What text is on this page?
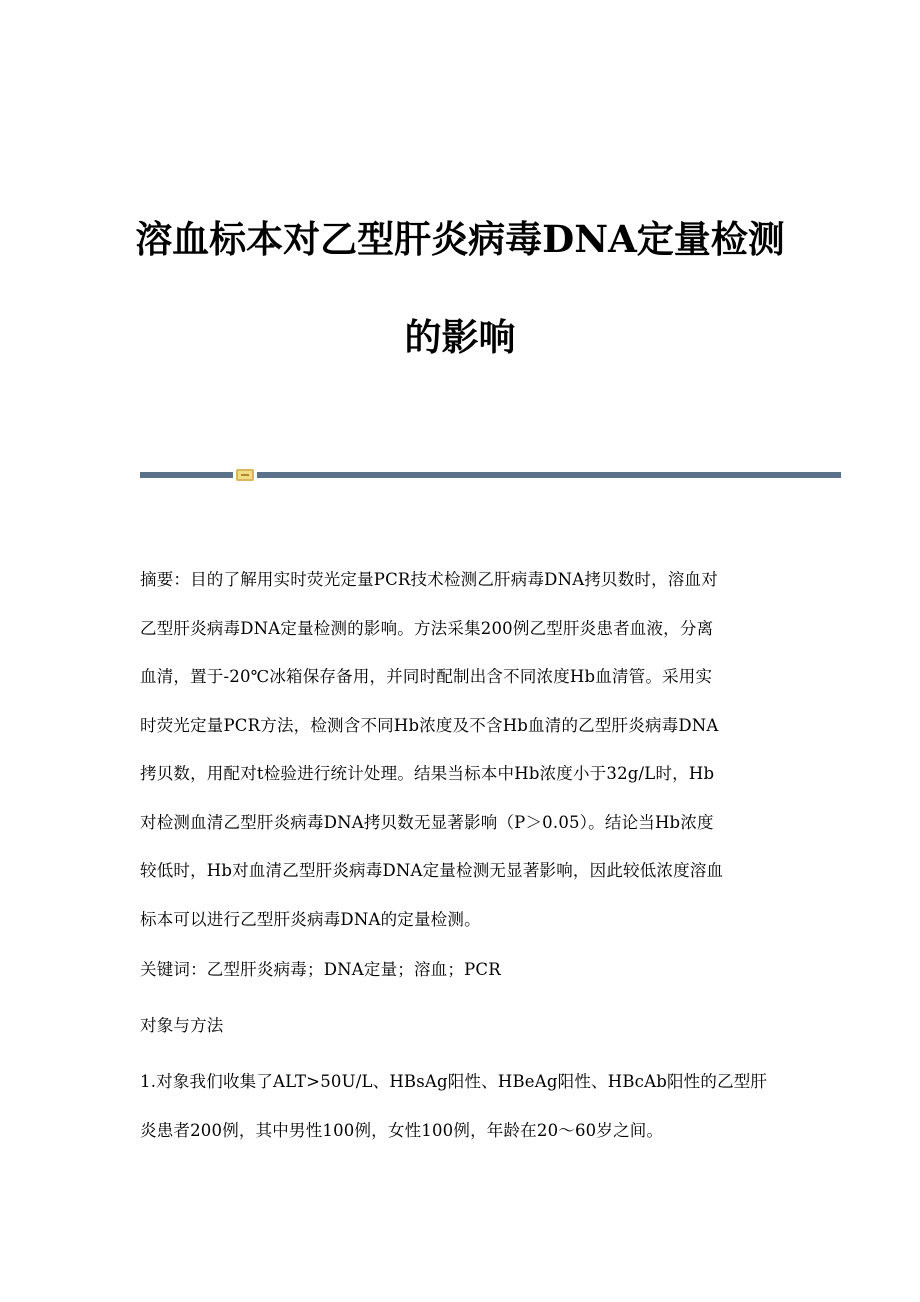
溶血标本对乙型肝炎病毒DNA定量检测
的影响
摘要：目的了解用实时荧光定量PCR技术检测乙肝病毒DNA拷贝数时，溶血对
乙型肝炎病毒DNA定量检测的影响。方法采集200例乙型肝炎患者血液，分离
血清，置于-20℃冰箱保存备用，并同时配制出含不同浓度Hb血清管。采用实
时荧光定量PCR方法，检测含不同Hb浓度及不含Hb血清的乙型肝炎病毒DNA
拷贝数，用配对t检验进行统计处理。结果当标本中Hb浓度小于32g/L时，Hb
对检测血清乙型肝炎病毒DNA拷贝数无显著影响（P＞0.05）。结论当Hb浓度
较低时，Hb对血清乙型肝炎病毒DNA定量检测无显著影响，因此较低浓度溶血
标本可以进行乙型肝炎病毒DNA的定量检测。

关键词：乙型肝炎病毒；DNA定量；溶血；PCR

对象与方法

1.对象我们收集了ALT>50U/L、HBsAg阳性、HBeAg阳性、HBcAb阳性的乙型肝
炎患者200例，其中男性100例，女性100例，年龄在20～60岁之间。
